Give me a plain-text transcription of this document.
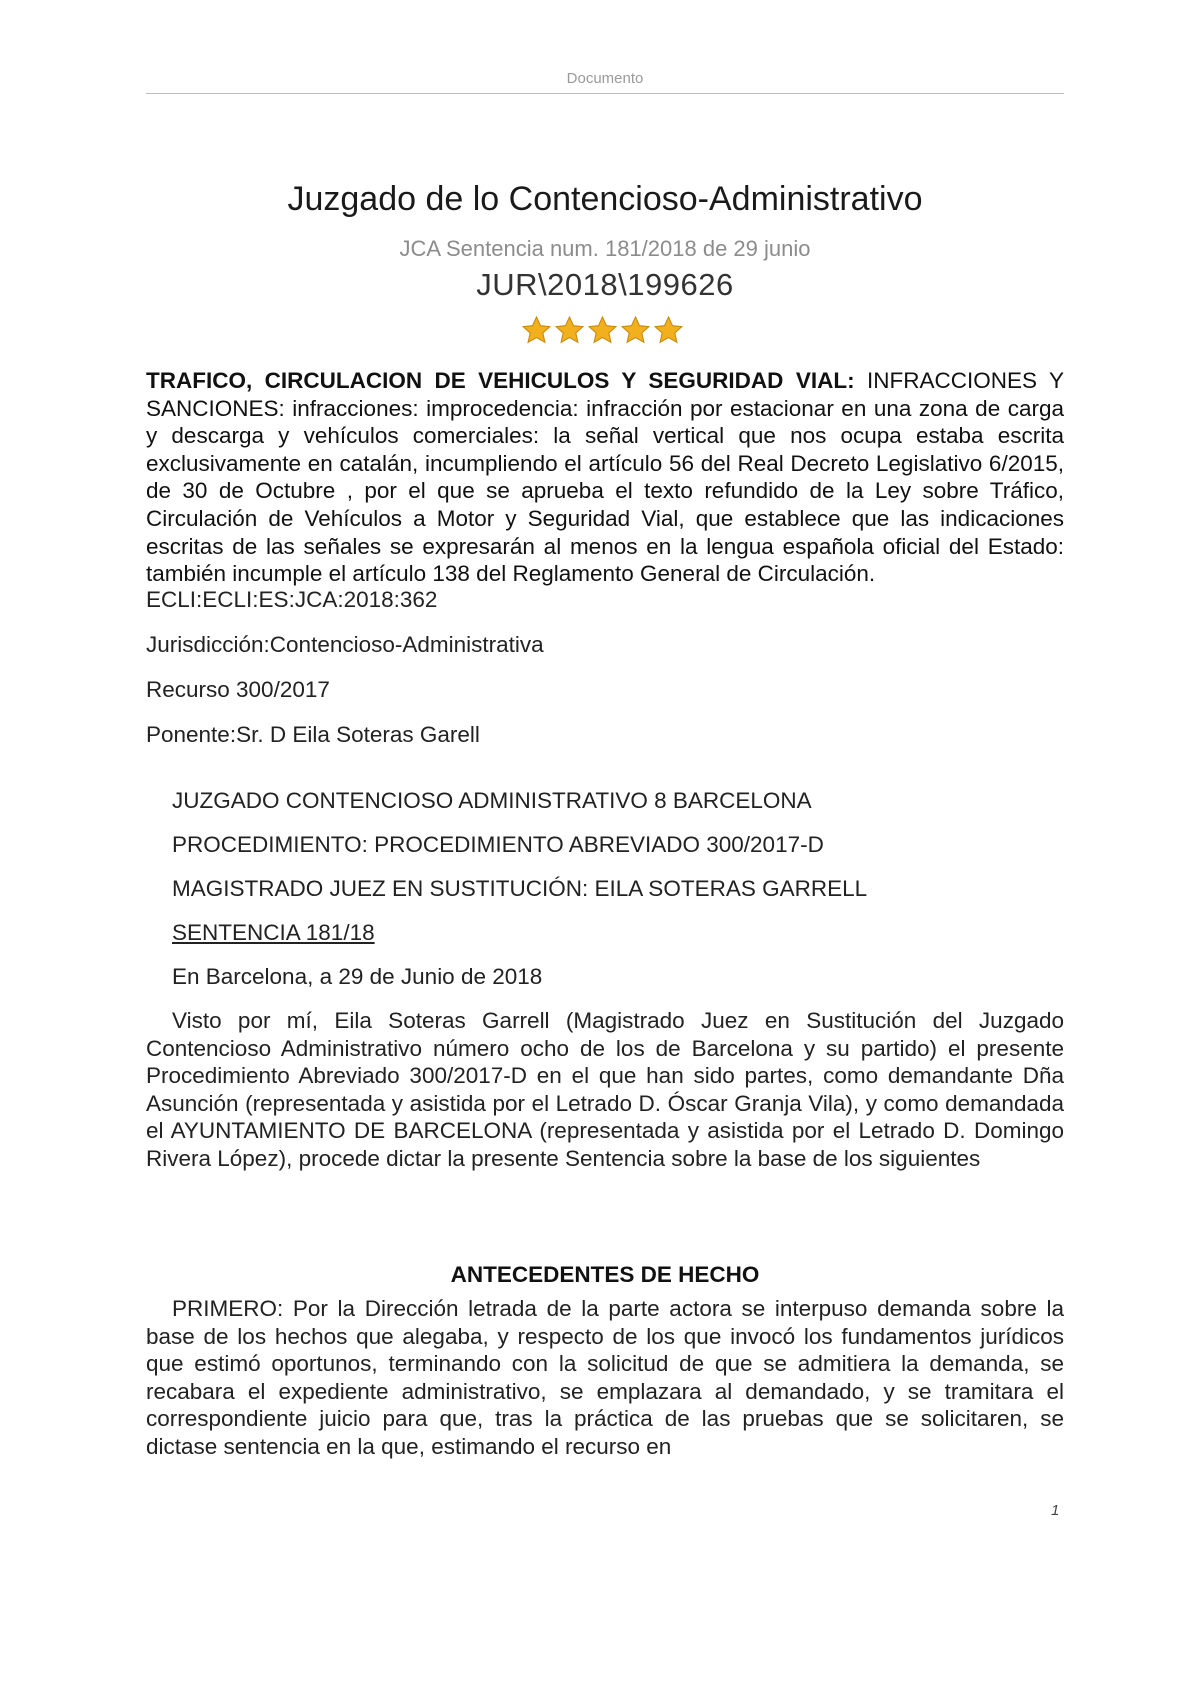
Documento
Juzgado de lo Contencioso-Administrativo
JCA Sentencia num. 181/2018 de 29 junio
JUR\2018\199626
TRAFICO, CIRCULACION DE VEHICULOS Y SEGURIDAD VIAL: INFRACCIONES Y SANCIONES: infracciones: improcedencia: infracción por estacionar en una zona de carga y descarga y vehículos comerciales: la señal vertical que nos ocupa estaba escrita exclusivamente en catalán, incumpliendo el artículo 56 del Real Decreto Legislativo 6/2015, de 30 de Octubre , por el que se aprueba el texto refundido de la Ley sobre Tráfico, Circulación de Vehículos a Motor y Seguridad Vial, que establece que las indicaciones escritas de las señales se expresarán al menos en la lengua española oficial del Estado: también incumple el artículo 138 del Reglamento General de Circulación.
ECLI:ECLI:ES:JCA:2018:362
Jurisdicción:Contencioso-Administrativa
Recurso 300/2017
Ponente:Sr. D Eila Soteras Garell
JUZGADO CONTENCIOSO ADMINISTRATIVO 8 BARCELONA
PROCEDIMIENTO: PROCEDIMIENTO ABREVIADO 300/2017-D
MAGISTRADO JUEZ EN SUSTITUCIÓN: EILA SOTERAS GARRELL
SENTENCIA 181/18
En Barcelona, a 29 de Junio de 2018
Visto por mí, Eila Soteras Garrell (Magistrado Juez en Sustitución del Juzgado Contencioso Administrativo número ocho de los de Barcelona y su partido) el presente Procedimiento Abreviado 300/2017-D en el que han sido partes, como demandante Dña Asunción (representada y asistida por el Letrado D. Óscar Granja Vila), y como demandada el AYUNTAMIENTO DE BARCELONA (representada y asistida por el Letrado D. Domingo Rivera López), procede dictar la presente Sentencia sobre la base de los siguientes
ANTECEDENTES DE HECHO
PRIMERO: Por la Dirección letrada de la parte actora se interpuso demanda sobre la base de los hechos que alegaba, y respecto de los que invocó los fundamentos jurídicos que estimó oportunos, terminando con la solicitud de que se admitiera la demanda, se recabara el expediente administrativo, se emplazara al demandado, y se tramitara el correspondiente juicio para que, tras la práctica de las pruebas que se solicitaren, se dictase sentencia en la que, estimando el recurso en
1
